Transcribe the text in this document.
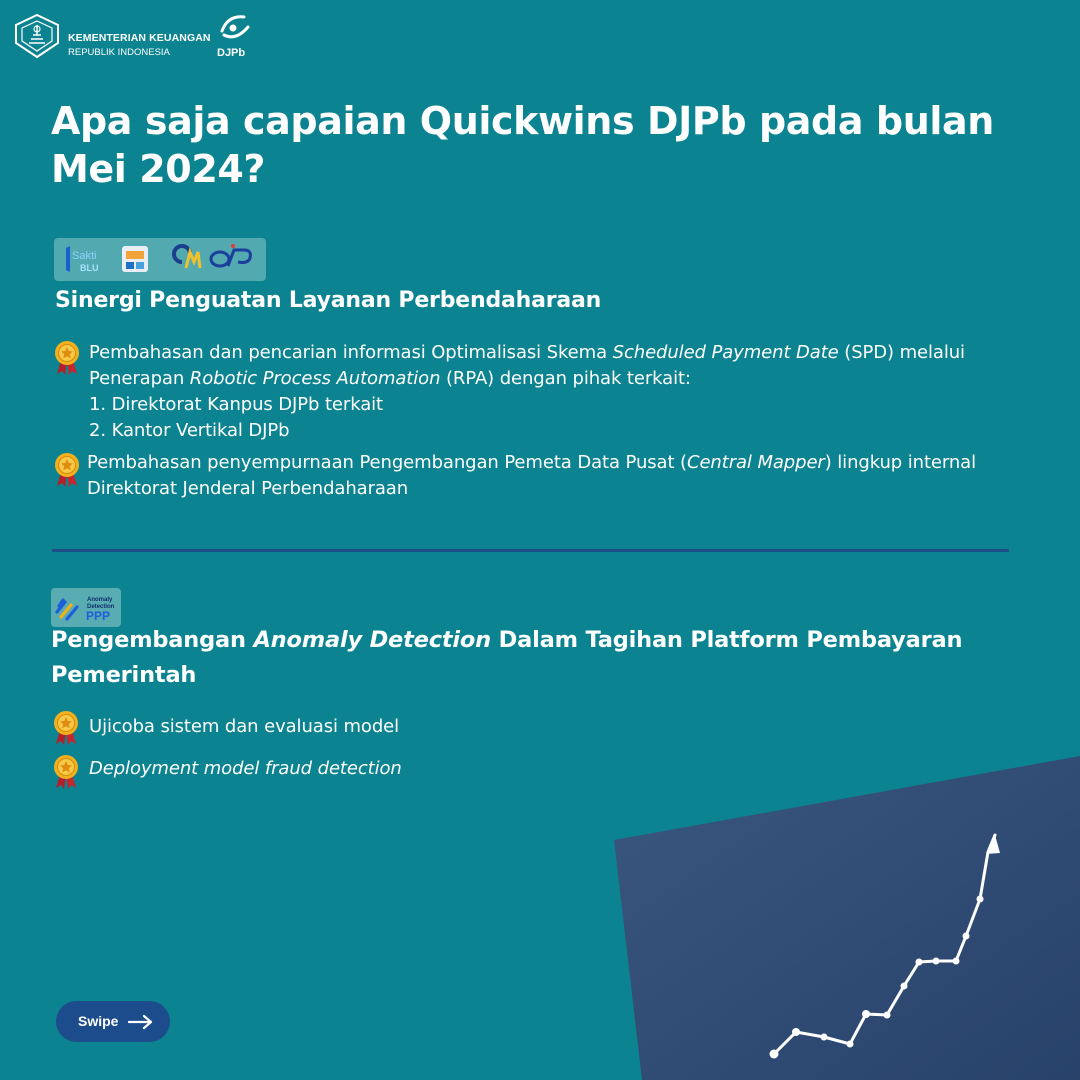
KEMENTERIAN KEUANGAN
REPUBLIK INDONESIA	DJPb
Apa saja capaian Quickwins DJPb pada bulan
Mei 2024?
Sakti
BLU
Sinergi Penguatan Layanan Perbendaharaan
Pembahasan dan pencarian informasi Optimalisasi Skema Scheduled Payment Date (SPD) melalui
Penerapan Robotic Process Automation (RPA) dengan pihak terkait:
1. Direktorat Kanpus DJPb terkait
2. Kantor Vertikal DJPb
Pembahasan penyempurnaan Pengembangan Pemeta Data Pusat (Central Mapper) lingkup internal
Direktorat Jenderal Perbendaharaan
Anomaly
Detection
PPP
Pengembangan Anomaly Detection Dalam Tagihan Platform Pembayaran
Pemerintah
Ujicoba sistem dan evaluasi model
Deployment model fraud detection
Swipe
